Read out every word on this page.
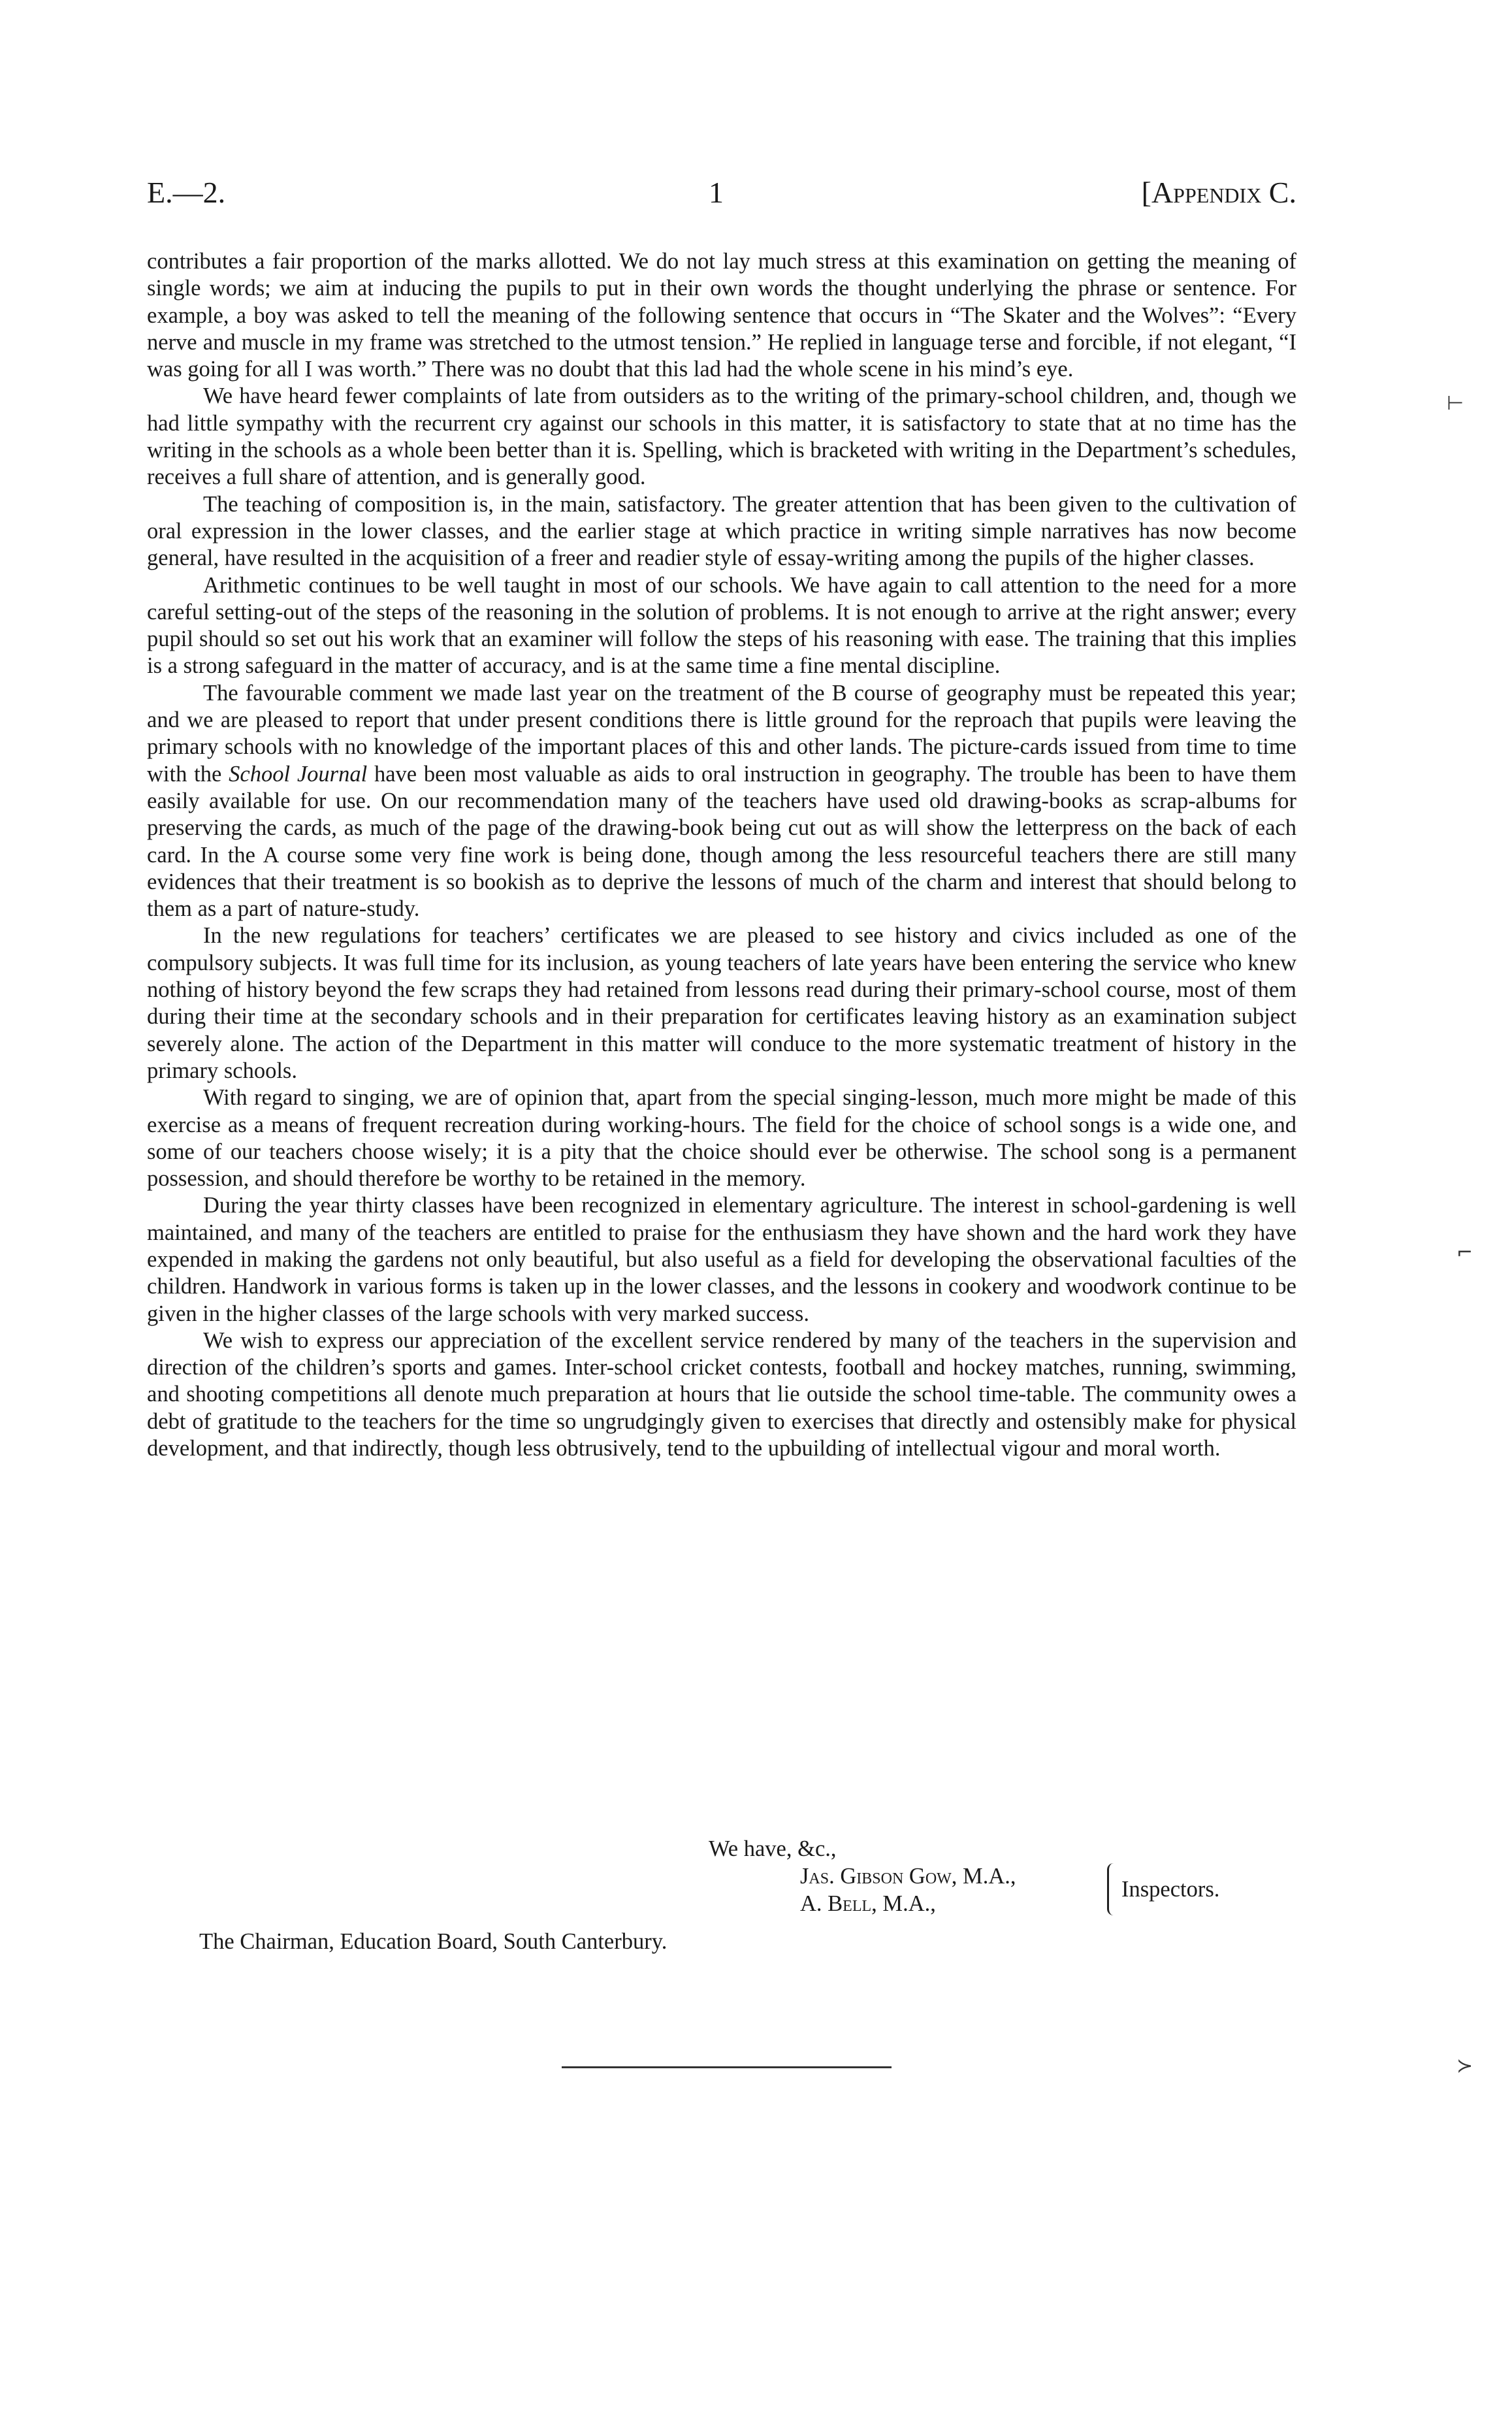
E.—2.	1	[Appendix C.

contributes a fair proportion of the marks allotted. We do not lay much stress at this examination on getting the meaning of single words; we aim at inducing the pupils to put in their own words the thought underlying the phrase or sentence. For example, a boy was asked to tell the meaning of the following sentence that occurs in “The Skater and the Wolves”: “Every nerve and muscle in my frame was stretched to the utmost tension.” He replied in language terse and forcible, if not elegant, “I was going for all I was worth.” There was no doubt that this lad had the whole scene in his mind’s eye.

We have heard fewer complaints of late from outsiders as to the writing of the primary-school children, and, though we had little sympathy with the recurrent cry against our schools in this matter, it is satisfactory to state that at no time has the writing in the schools as a whole been better than it is. Spelling, which is bracketed with writing in the Department’s schedules, receives a full share of attention, and is generally good.

The teaching of composition is, in the main, satisfactory. The greater attention that has been given to the cultivation of oral expression in the lower classes, and the earlier stage at which practice in writing simple narratives has now become general, have resulted in the acquisition of a freer and readier style of essay-writing among the pupils of the higher classes.

Arithmetic continues to be well taught in most of our schools. We have again to call attention to the need for a more careful setting-out of the steps of the reasoning in the solution of problems. It is not enough to arrive at the right answer; every pupil should so set out his work that an examiner will follow the steps of his reasoning with ease. The training that this implies is a strong safeguard in the matter of accuracy, and is at the same time a fine mental discipline.

The favourable comment we made last year on the treatment of the B course of geography must be repeated this year; and we are pleased to report that under present conditions there is little ground for the reproach that pupils were leaving the primary schools with no knowledge of the important places of this and other lands. The picture-cards issued from time to time with the School Journal have been most valuable as aids to oral instruction in geography. The trouble has been to have them easily available for use. On our recommendation many of the teachers have used old drawing-books as scrap-albums for preserving the cards, as much of the page of the drawing-book being cut out as will show the letterpress on the back of each card. In the A course some very fine work is being done, though among the less resourceful teachers there are still many evidences that their treatment is so bookish as to deprive the lessons of much of the charm and interest that should belong to them as a part of nature-study.

In the new regulations for teachers’ certificates we are pleased to see history and civics included as one of the compulsory subjects. It was full time for its inclusion, as young teachers of late years have been entering the service who knew nothing of history beyond the few scraps they had retained from lessons read during their primary-school course, most of them during their time at the secondary schools and in their preparation for certificates leaving history as an examination subject severely alone. The action of the Department in this matter will conduce to the more systematic treatment of history in the primary schools.

With regard to singing, we are of opinion that, apart from the special singing-lesson, much more might be made of this exercise as a means of frequent recreation during working-hours. The field for the choice of school songs is a wide one, and some of our teachers choose wisely; it is a pity that the choice should ever be otherwise. The school song is a permanent possession, and should therefore be worthy to be retained in the memory.

During the year thirty classes have been recognized in elementary agriculture. The interest in school-gardening is well maintained, and many of the teachers are entitled to praise for the enthusiasm they have shown and the hard work they have expended in making the gardens not only beautiful, but also useful as a field for developing the observational faculties of the children. Handwork in various forms is taken up in the lower classes, and the lessons in cookery and woodwork continue to be given in the higher classes of the large schools with very marked success.

We wish to express our appreciation of the excellent service rendered by many of the teachers in the supervision and direction of the children’s sports and games. Inter-school cricket contests, football and hockey matches, running, swimming, and shooting competitions all denote much preparation at hours that lie outside the school time-table. The community owes a debt of gratitude to the teachers for the time so ungrudgingly given to exercises that directly and ostensibly make for physical development, and that indirectly, though less obtrusively, tend to the upbuilding of intellectual vigour and moral worth.

We have, &c.,
Jas. Gibson Gow, M.A.,
A. Bell, M.A.,
Inspectors.
The Chairman, Education Board, South Canterbury.
⊢
⌐
≻
